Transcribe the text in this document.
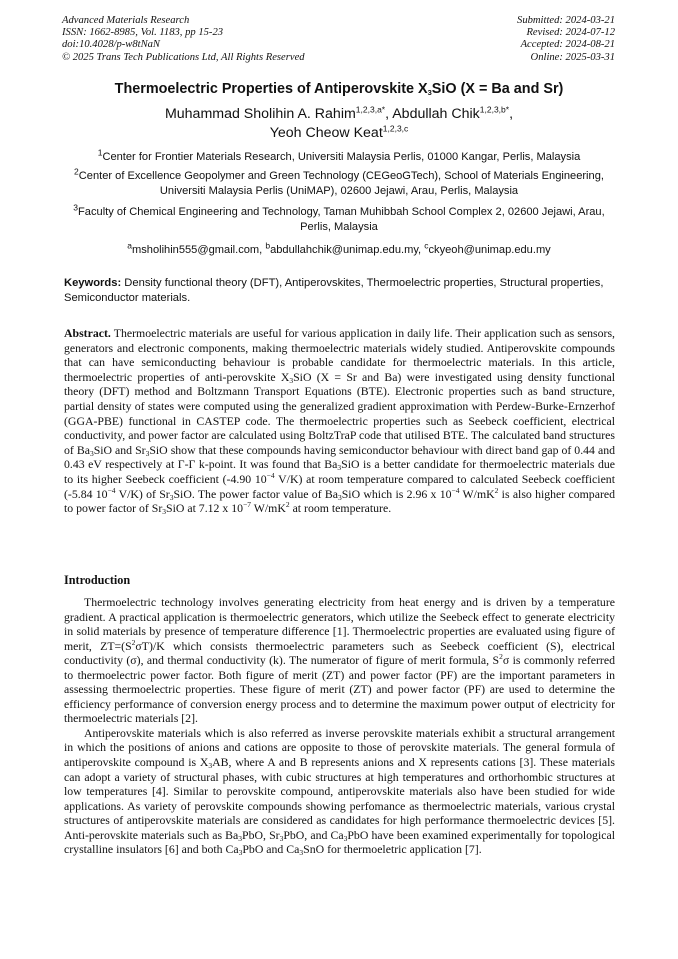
Advanced Materials Research
ISSN: 1662-8985, Vol. 1183, pp 15-23
doi:10.4028/p-w8tNaN
© 2025 Trans Tech Publications Ltd, All Rights Reserved
Submitted: 2024-03-21
Revised: 2024-07-12
Accepted: 2024-08-21
Online: 2025-03-31
Thermoelectric Properties of Antiperovskite $X_3SiO$ (X = Ba and Sr)
Muhammad Sholihin A. Rahim$^{1,2,3,a*}$, Abdullah Chik$^{1,2,3,b*}$,
Yeoh Cheow Keat$^{1,2,3,c}$
$^1$Center for Frontier Materials Research, Universiti Malaysia Perlis, 01000 Kangar, Perlis, Malaysia
$^2$Center of Excellence Geopolymer and Green Technology (CEGeoGTech), School of Materials Engineering, Universiti Malaysia Perlis (UniMAP), 02600 Jejawi, Arau, Perlis, Malaysia
$^3$Faculty of Chemical Engineering and Technology, Taman Muhibbah School Complex 2, 02600 Jejawi, Arau, Perlis, Malaysia
$^a$msholihin555@gmail.com, $^b$abdullahchik@unimap.edu.my, $^c$ckyeoh@unimap.edu.my
Keywords: Density functional theory (DFT), Antiperovskites, Thermoelectric properties, Structural properties, Semiconductor materials.
Abstract. Thermoelectric materials are useful for various application in daily life. Their application such as sensors, generators and electronic components, making thermoelectric materials widely studied. Antiperovskite compounds that can have semiconducting behaviour is probable candidate for thermoelectric materials. In this article, thermoelectric properties of anti-perovskite $X_3SiO$ (X = Sr and Ba) were investigated using density functional theory (DFT) method and Boltzmann Transport Equations (BTE). Electronic properties such as band structure, partial density of states were computed using the generalized gradient approximation with Perdew-Burke-Ernzerhof (GGA-PBE) functional in CASTEP code. The thermoelectric properties such as Seebeck coefficient, electrical conductivity, and power factor are calculated using BoltzTraP code that utilised BTE. The calculated band structures of $Ba_3SiO$ and $Sr_3SiO$ show that these compounds having semiconductor behaviour with direct band gap of 0.44 and 0.43 eV respectively at Γ-Γ k-point. It was found that $Ba_3SiO$ is a better candidate for thermoelectric materials due to its higher Seebeck coefficient (-4.90 $10^{-4}$ V/K) at room temperature compared to calculated Seebeck coefficient (-5.84 $10^{-4}$ V/K) of $Sr_3SiO$. The power factor value of $Ba_3SiO$ which is 2.96 x $10^{-4}$ $W/mK^2$ is also higher compared to power factor of $Sr_3SiO$ at 7.12 x $10^{-7}$ $W/mK^2$ at room temperature.
Introduction

Thermoelectric technology involves generating electricity from heat energy and is driven by a temperature gradient. A practical application is thermoelectric generators, which utilize the Seebeck effect to generate electricity in solid materials by presence of temperature difference [1]. Thermoelectric properties are evaluated using figure of merit, $ZT=(S^2\sigma T)/K$ which consists thermoelectric parameters such as Seebeck coefficient (S), electrical conductivity (σ), and thermal conductivity (k). The numerator of figure of merit formula, $S^2\sigma$ is commonly referred to thermoelectric power factor. Both figure of merit (ZT) and power factor (PF) are the important parameters in assessing thermoelectric properties. These figure of merit (ZT) and power factor (PF) are used to determine the efficiency performance of conversion energy process and to determine the maximum power output of electricity for thermoelectric materials [2].

Antiperovskite materials which is also referred as inverse perovskite materials exhibit a structural arrangement in which the positions of anions and cations are opposite to those of perovskite materials. The general formula of antiperovskite compound is $X_3AB$, where A and B represents anions and X represents cations [3]. These materials can adopt a variety of structural phases, with cubic structures at high temperatures and orthorhombic structures at low temperatures [4]. Similar to perovskite compound, antiperovskite materials also have been studied for wide applications. As variety of perovskite compounds showing perfomance as thermoelectric materials, various crystal structures of antiperovskite materials are considered as candidates for high performance thermoelectric devices [5]. Anti-perovskite materials such as $Ba_3PbO$, $Sr_3PbO$, and $Ca_3PbO$ have been examined experimentally for topological crystalline insulators [6] and both $Ca_3PbO$ and $Ca_3SnO$ for thermoeletric application [7].
